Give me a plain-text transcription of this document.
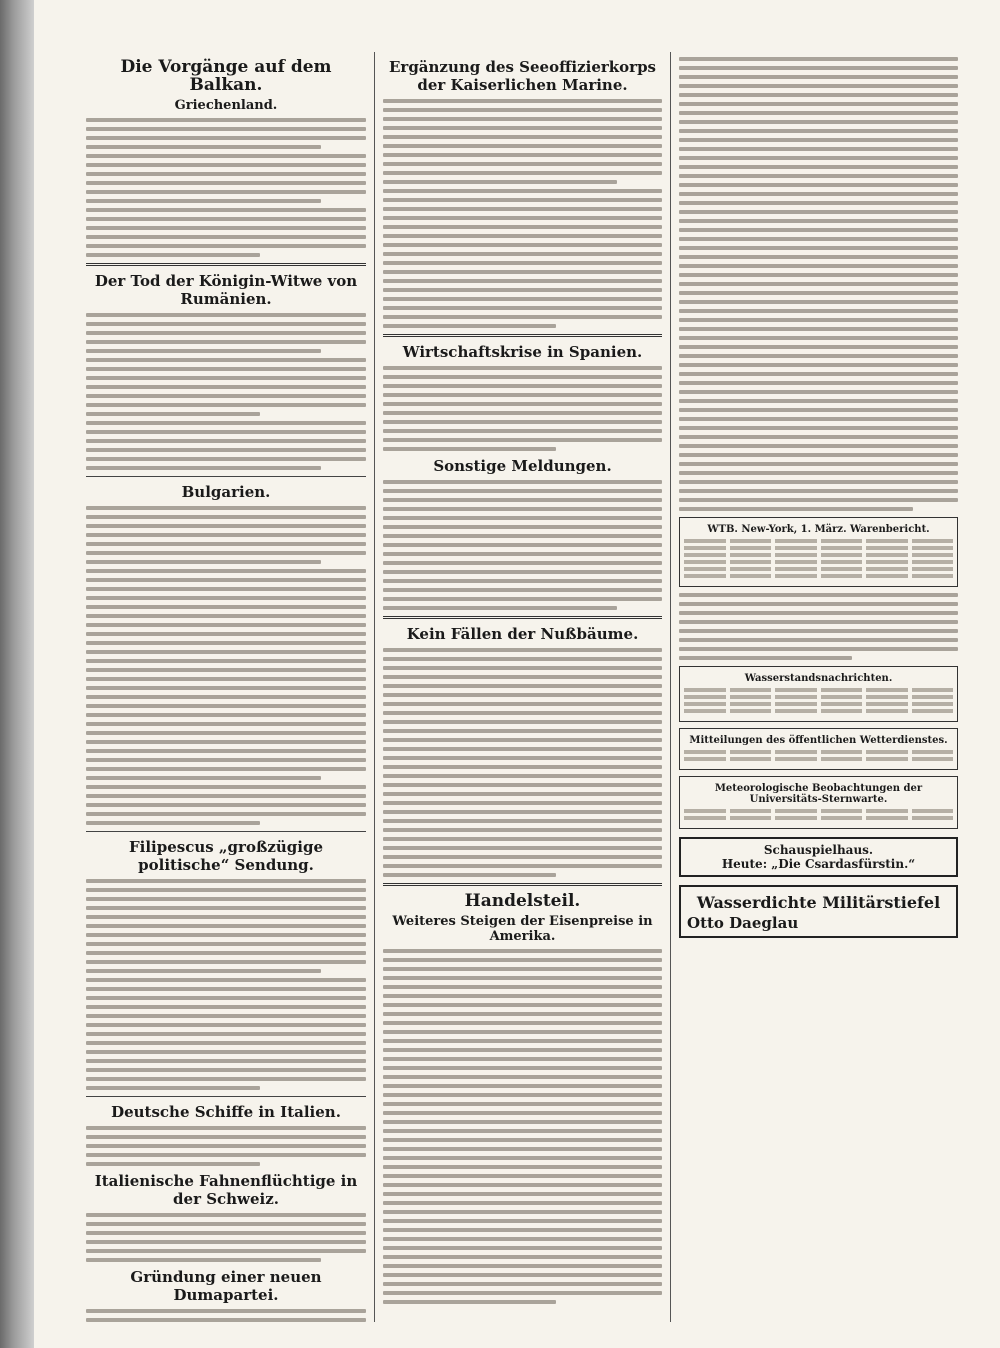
Die Vorgänge auf dem Balkan.
Griechenland.
Der Tod der Königin-Witwe von Rumänien.
Bulgarien.
Filipescus „großzügige politische“ Sendung.
Deutsche Schiffe in Italien.
Italienische Fahnenflüchtige in der Schweiz.
Gründung einer neuen Dumapartei.
Ergänzung des Seeoffizierkorps der Kaiserlichen Marine.
Wirtschaftskrise in Spanien.
Sonstige Meldungen.
Kein Fällen der Nußbäume.
Handelsteil.
Weiteres Steigen der Eisenpreise in Amerika.
WTB. New-York, 1. März. Warenbericht.
Wasserstandsnachrichten.
Mitteilungen des öffentlichen Wetterdienstes.
Meteorologische Beobachtungen der Universitäts-Sternwarte.
Schauspielhaus.
Heute: „Die Csardasfürstin.“
Wasserdichte Militärstiefel
Otto Daeglau
